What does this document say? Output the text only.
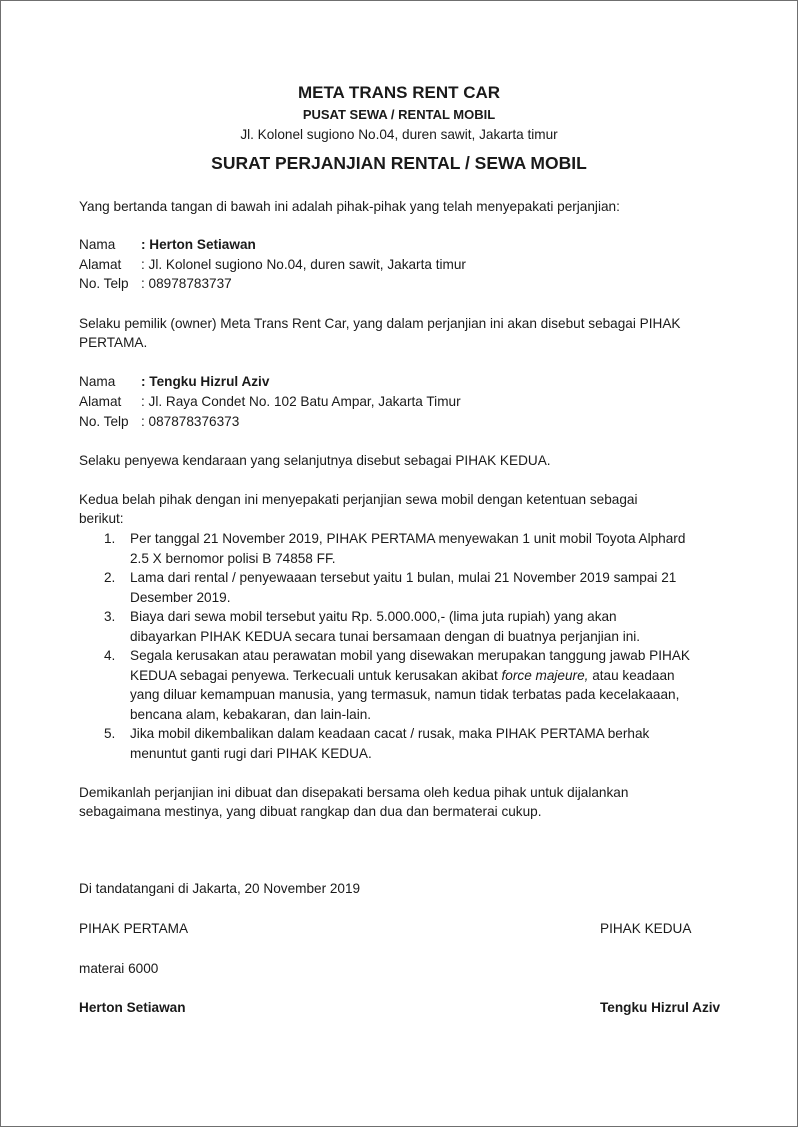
META TRANS RENT CAR
PUSAT SEWA / RENTAL MOBIL
Jl. Kolonel sugiono No.04, duren sawit, Jakarta timur
SURAT PERJANJIAN RENTAL / SEWA MOBIL
Yang bertanda tangan di bawah ini adalah pihak-pihak yang telah menyepakati perjanjian:
Nama : Herton Setiawan
Alamat : Jl. Kolonel sugiono No.04, duren sawit, Jakarta timur
No. Telp : 08978783737
Selaku pemilik (owner) Meta Trans Rent Car, yang dalam perjanjian ini akan disebut sebagai PIHAK
PERTAMA.
Nama : Tengku Hizrul Aziv
Alamat : Jl. Raya Condet No. 102 Batu Ampar, Jakarta Timur
No. Telp : 087878376373
Selaku penyewa kendaraan yang selanjutnya disebut sebagai PIHAK KEDUA.
Kedua belah pihak dengan ini menyepakati perjanjian sewa mobil dengan ketentuan sebagai
berikut:
1. Per tanggal 21 November 2019, PIHAK PERTAMA menyewakan 1 unit mobil Toyota Alphard
2.5 X bernomor polisi B 74858 FF.
2. Lama dari rental / penyewaaan tersebut yaitu 1 bulan, mulai 21 November 2019 sampai 21
Desember 2019.
3. Biaya dari sewa mobil tersebut yaitu Rp. 5.000.000,- (lima juta rupiah) yang akan
dibayarkan PIHAK KEDUA secara tunai bersamaan dengan di buatnya perjanjian ini.
4. Segala kerusakan atau perawatan mobil yang disewakan merupakan tanggung jawab PIHAK
KEDUA sebagai penyewa. Terkecuali untuk kerusakan akibat force majeure, atau keadaan
yang diluar kemampuan manusia, yang termasuk, namun tidak terbatas pada kecelakaaan,
bencana alam, kebakaran, dan lain-lain.
5. Jika mobil dikembalikan dalam keadaan cacat / rusak, maka PIHAK PERTAMA berhak
menuntut ganti rugi dari PIHAK KEDUA.
Demikanlah perjanjian ini dibuat dan disepakati bersama oleh kedua pihak untuk dijalankan
sebagaimana mestinya, yang dibuat rangkap dan dua dan bermaterai cukup.
Di tandatangani di Jakarta, 20 November 2019
PIHAK PERTAMA	PIHAK KEDUA
materai 6000
Herton Setiawan	Tengku Hizrul Aziv
